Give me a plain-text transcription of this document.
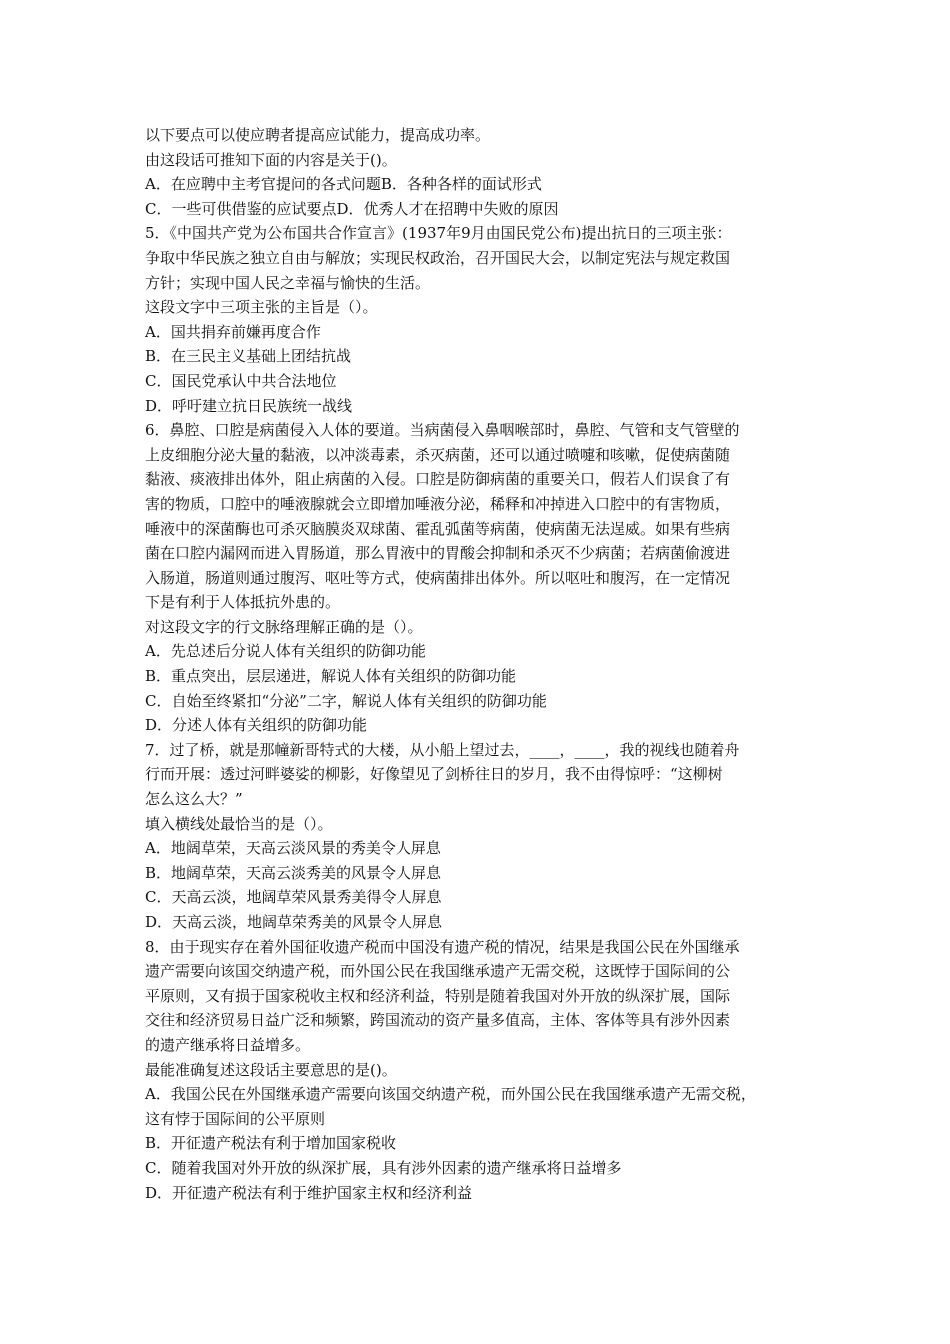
以下要点可以使应聘者提高应试能力，提高成功率。
由这段话可推知下面的内容是关于()。
A．在应聘中主考官提问的各式问题B．各种各样的面试形式
C．一些可供借鉴的应试要点D．优秀人才在招聘中失败的原因
5．《中国共产党为公布国共合作宣言》(1937年9月由国民党公布)提出抗日的三项主张：
争取中华民族之独立自由与解放；实现民权政治，召开国民大会，以制定宪法与规定救国
方针；实现中国人民之幸福与愉快的生活。
这段文字中三项主张的主旨是（）。
A．国共捐弃前嫌再度合作
B．在三民主义基础上团结抗战
C．国民党承认中共合法地位
D．呼吁建立抗日民族统一战线
6．鼻腔、口腔是病菌侵入人体的要道。当病菌侵入鼻咽喉部时，鼻腔、气管和支气管壁的
上皮细胞分泌大量的黏液，以冲淡毒素，杀灭病菌，还可以通过喷嚏和咳嗽，促使病菌随
黏液、痰液排出体外，阻止病菌的入侵。口腔是防御病菌的重要关口，假若人们误食了有
害的物质，口腔中的唾液腺就会立即增加唾液分泌，稀释和冲掉进入口腔中的有害物质，
唾液中的深菌酶也可杀灭脑膜炎双球菌、霍乱弧菌等病菌，使病菌无法逞威。如果有些病
菌在口腔内漏网而进入胃肠道，那么胃液中的胃酸会抑制和杀灭不少病菌；若病菌偷渡进
入肠道，肠道则通过腹泻、呕吐等方式，使病菌排出体外。所以呕吐和腹泻，在一定情况
下是有利于人体抵抗外患的。
对这段文字的行文脉络理解正确的是（）。
A．先总述后分说人体有关组织的防御功能
B．重点突出，层层递进，解说人体有关组织的防御功能
C．自始至终紧扣“分泌”二字，解说人体有关组织的防御功能
D．分述人体有关组织的防御功能
7．过了桥，就是那幢新哥特式的大楼，从小船上望过去，____，____，我的视线也随着舟
行而开展：透过河畔婆娑的柳影，好像望见了剑桥往日的岁月，我不由得惊呼：“这柳树
怎么这么大？”
填入横线处最恰当的是（）。
A．地阔草荣，天高云淡风景的秀美令人屏息
B．地阔草荣，天高云淡秀美的风景令人屏息
C．天高云淡，地阔草荣风景秀美得令人屏息
D．天高云淡，地阔草荣秀美的风景令人屏息
8．由于现实存在着外国征收遗产税而中国没有遗产税的情况，结果是我国公民在外国继承
遗产需要向该国交纳遗产税，而外国公民在我国继承遗产无需交税，这既悖于国际间的公
平原则，又有损于国家税收主权和经济利益，特别是随着我国对外开放的纵深扩展，国际
交往和经济贸易日益广泛和频繁，跨国流动的资产量多值高，主体、客体等具有涉外因素
的遗产继承将日益增多。
最能准确复述这段话主要意思的是()。
A．我国公民在外国继承遗产需要向该国交纳遗产税，而外国公民在我国继承遗产无需交税，
这有悖于国际间的公平原则
B．开征遗产税法有利于增加国家税收
C．随着我国对外开放的纵深扩展，具有涉外因素的遗产继承将日益增多
D．开征遗产税法有利于维护国家主权和经济利益
